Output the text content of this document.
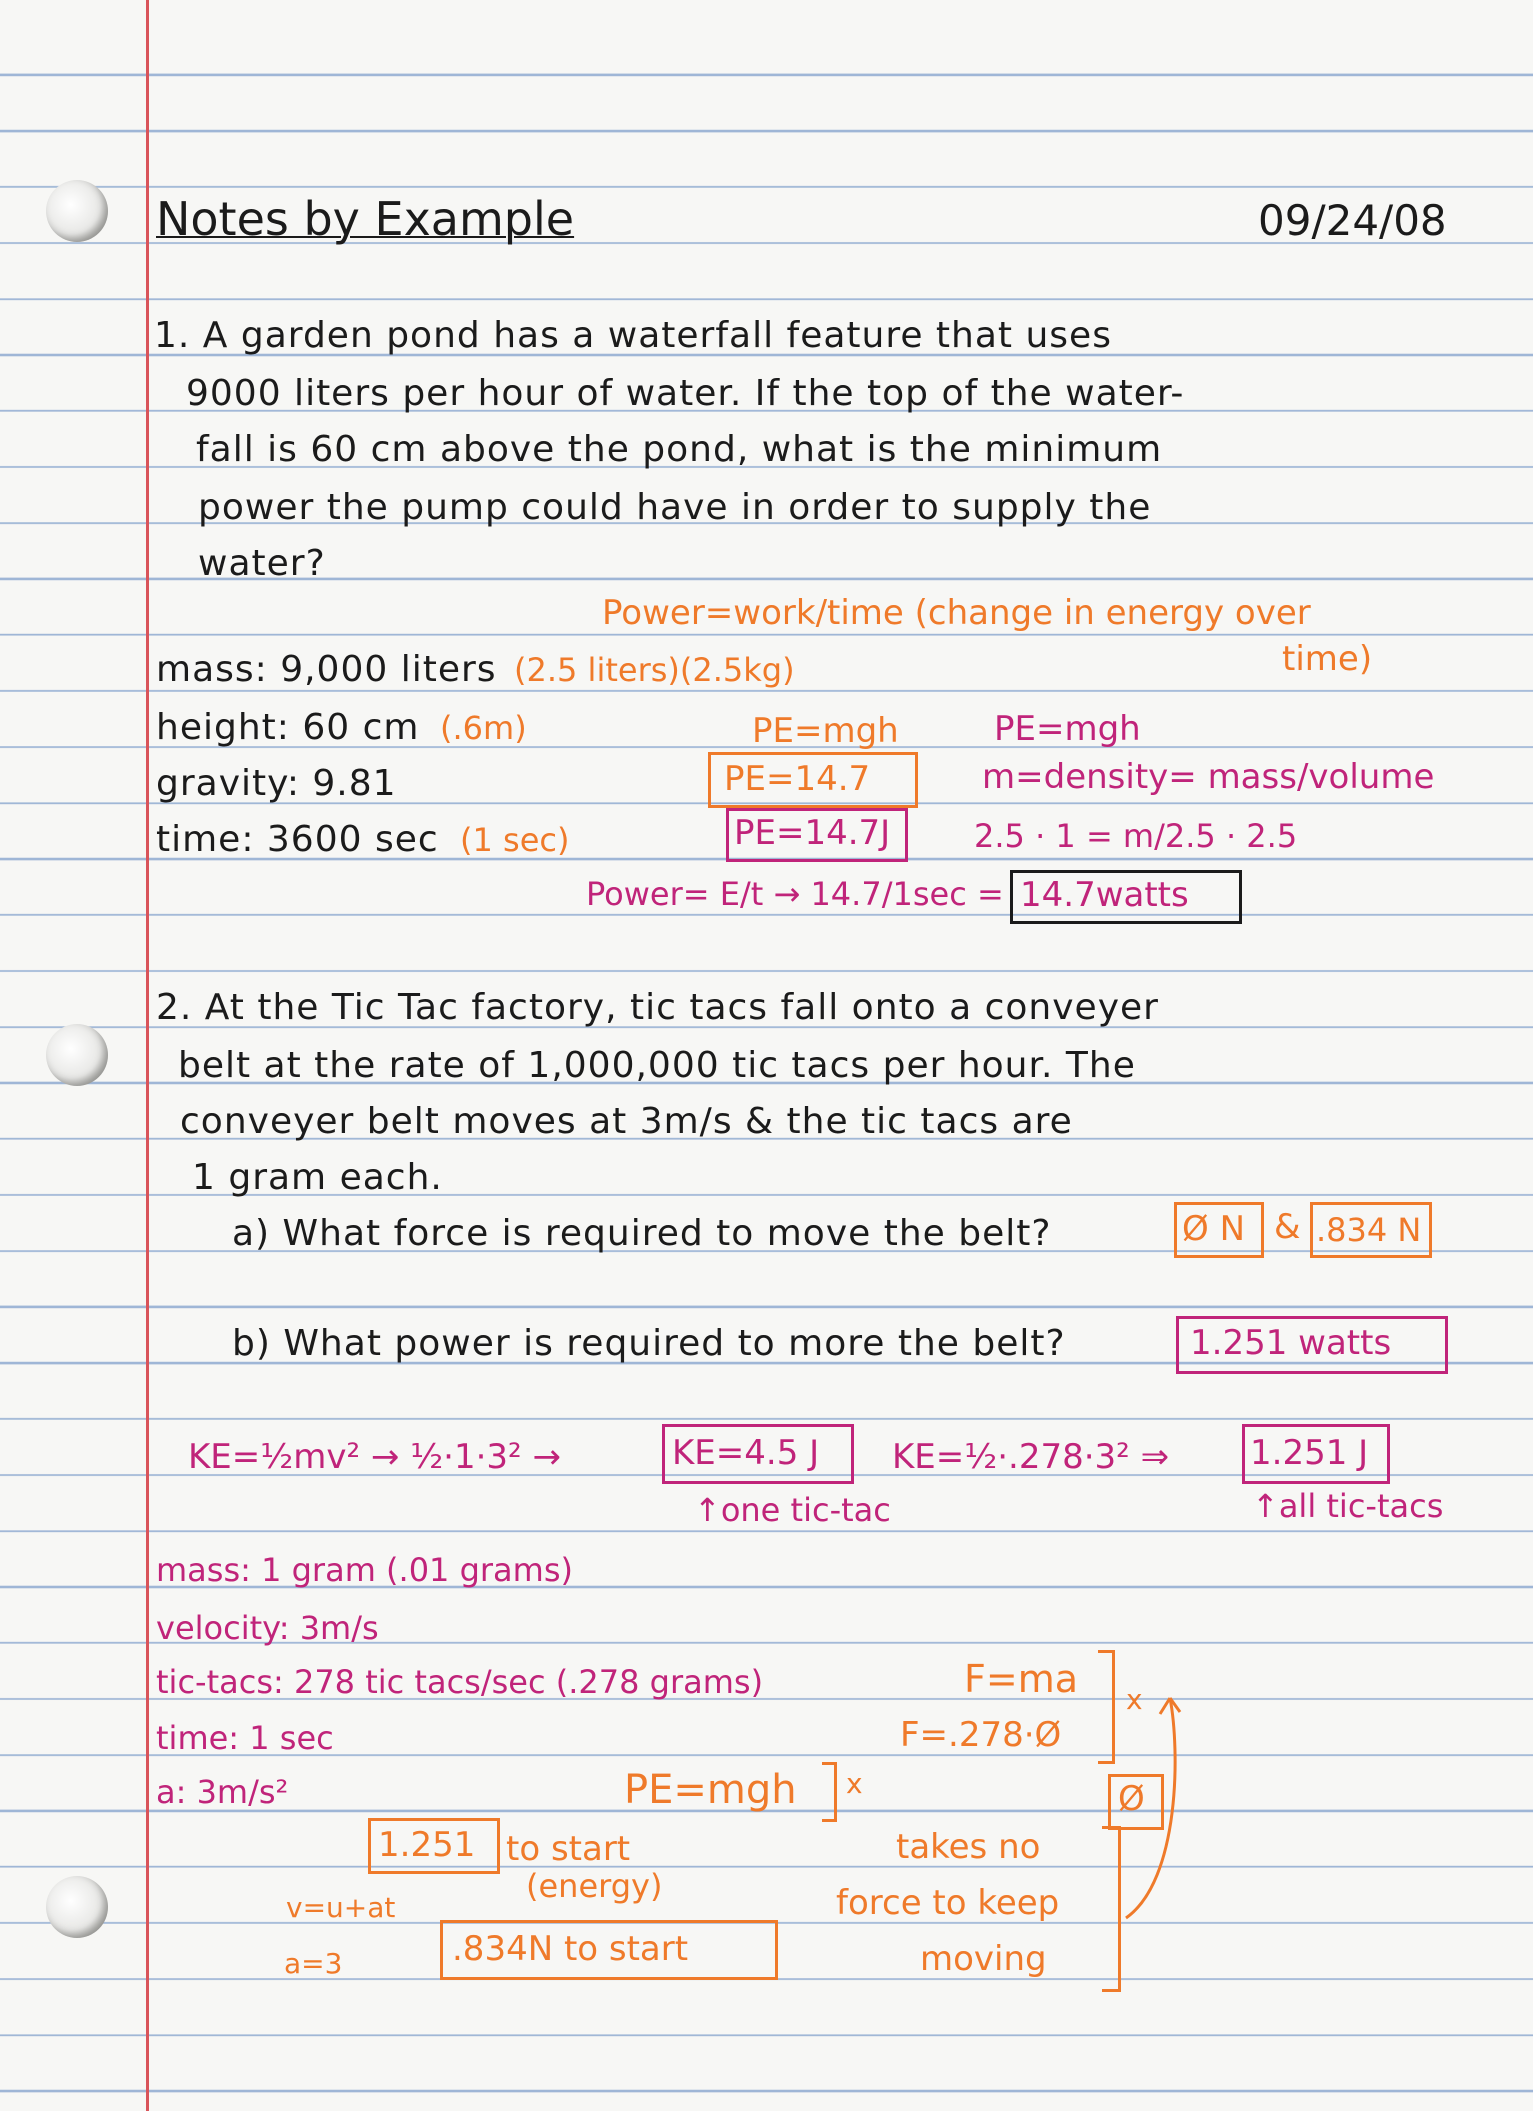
Notes by Example	09/24/08
1. A garden pond has a waterfall feature that uses
9000 liters per hour of water. If the top of the water-
fall is 60 cm above the pond, what is the minimum
power the pump could have in order to supply the
water?
Power=work/time (change in energy over
time)
mass: 9,000 liters (2.5 liters)(2.5kg)
height: 60 cm (.6m)
gravity: 9.81
time: 3600 sec (1 sec)
PE=mgh
PE=14.7
PE=14.7J
PE=mgh
m=density= mass/volume
2.5 · 1 = m/2.5 · 2.5
Power= E/t → 14.7/1sec = 14.7watts
2. At the Tic Tac factory, tic tacs fall onto a conveyer
belt at the rate of 1,000,000 tic tacs per hour. The
conveyer belt moves at 3m/s & the tic tacs are
1 gram each.
a) What force is required to move the belt?	Ø N & .834 N
b) What power is required to more the belt?	1.251 watts
KE=½mv² → ½·1·3² →	KE=4.5 J KE=½·.278·3² ⇒ 1.251 J
↑one tic-tac	↑all tic-tacs
mass: 1 gram (.01 grams)
velocity: 3m/s
tic-tacs: 278 tic tacs/sec (.278 grams)
time: 1 sec
a: 3m/s²
F=ma
F=.278·Ø
x
Ø
PE=mgh x
1.251 to start
(energy)
v=u+at
a=3	.834N to start
takes no
force to keep
moving
